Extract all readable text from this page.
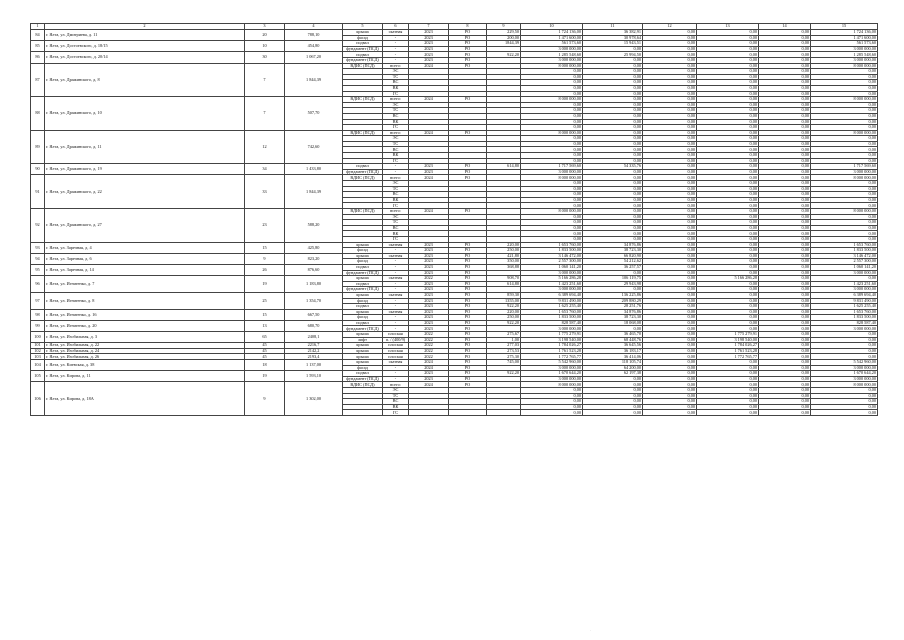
1	2	3	4	5	6	7	8	9	10	11	12	13	14	15
84	г. Ялта, ул. Дмитриева, д. 11	20	788,10	крыша	скатная	2023	РО	229,50	1 724 136,00	36 382,91	0,00	0,00	0,00	1 724 136,00
				фасад	-	2023	РО	200,00	1 471 600,00	30 978,64	0,00	0,00	0,00	1 471 600,00
85	г. Ялта, ул. Достоевского, д. 18/15	10	454,80	подвал	-	2023	РО	1844,39	561 573,60	15 943,51	0,00	0,00	0,00	561 573,60
				фундамент (ПСД)	-	2023	РО		3 000 000,00	0,00	0,00	0,00	0,00	3 000 000,00
86	г. Ялта, ул. Достоевского, д. 20/14	30	1 067,20	подвал	-	2023	РО	922,20	1 285 548,60	25 994,50	0,00	0,00	0,00	1 285 548,60
				фундамент (ПСД)	-	2023	РО		3 000 000,00	0,00	0,00	0,00	0,00	3 000 000,00
87	г. Ялта, ул. Дражинского, д. 8	7	1 844,39	ВДИС (ПСД)	всего:	2024	РО		8 000 000,00	0,00	0,00	0,00	0,00	8 000 000,00
					ЭС				0,00	0,00	0,00	0,00	0,00	0,00
					ТС				0,00	0,00	0,00	0,00	0,00	0,00
					ВС				0,00	0,00	0,00	0,00	0,00	0,00
					ВК				0,00	0,00	0,00	0,00	0,00	0,00
					ГС				0,00	0,00	0,00	0,00	0,00	0,00
88	г. Ялта, ул. Дражинского, д. 10	7	507,70	ВДИС (ПСД)	всего:	2024	РО		8 000 000,00	0,00	0,00	0,00	0,00	8 000 000,00
					ЭС				0,00	0,00	0,00	0,00	0,00	0,00
					ТС				0,00	0,00	0,00	0,00	0,00	0,00
					ВС				0,00	0,00	0,00	0,00	0,00	0,00
					ВК				0,00	0,00	0,00	0,00	0,00	0,00
					ГС				0,00	0,00	0,00	0,00	0,00	0,00
89	г. Ялта, ул. Дражинского, д. 11	12	742,60	ВДИС (ПСД)	всего:	2024	РО		8 000 000,00	0,00	0,00	0,00	0,00	8 000 000,00
					ЭС				0,00	0,00	0,00	0,00	0,00	0,00
					ТС				0,00	0,00	0,00	0,00	0,00	0,00
					ВС				0,00	0,00	0,00	0,00	0,00	0,00
					ВК				0,00	0,00	0,00	0,00	0,00	0,00
					ГС				0,00	0,00	0,00	0,00	0,00	0,00
90	г. Ялта, ул. Дражинского, д. 19	34	1 433,80	подвал	-	2023	РО	614,80	1 717 569,60	54 335,76	0,00	0,00	0,00	1 717 569,60
				фундамент (ПСД)	-	2023	РО		3 000 000,00	0,00	0,00	0,00	0,00	3 000 000,00
91	г. Ялта, ул. Дражинского, д. 22	33	1 844,39	ВДИС (ПСД)	всего:	2024	РО		8 000 000,00	0,00	0,00	0,00	0,00	8 000 000,00
					ЭС				0,00	0,00	0,00	0,00	0,00	0,00
					ТС				0,00	0,00	0,00	0,00	0,00	0,00
					ВС				0,00	0,00	0,00	0,00	0,00	0,00
					ВК				0,00	0,00	0,00	0,00	0,00	0,00
					ГС				0,00	0,00	0,00	0,00	0,00	0,00
92	г. Ялта, ул. Дражинского, д. 27	23	588,20	ВДИС (ПСД)	всего:	2024	РО		8 000 000,00	0,00	0,00	0,00	0,00	8 000 000,00
					ЭС				0,00	0,00	0,00	0,00	0,00	0,00
					ТС				0,00	0,00	0,00	0,00	0,00	0,00
					ВС				0,00	0,00	0,00	0,00	0,00	0,00
					ВК				0,00	0,00	0,00	0,00	0,00	0,00
					ГС				0,00	0,00	0,00	0,00	0,00	0,00
93	г. Ялта, ул. Заречная, д. 4	15	425,80	крыша	скатная	2023	РО	220,00	1 653 760,00	34 876,86	0,00	0,00	0,00	1 653 760,00
				фасад	-	2023	РО	250,00	1 833 500,00	38 723,30	0,00	0,00	0,00	1 833 500,00
94	г. Ялта, ул. Заречная, д. 6	9	823,20	крыша	скатная	2023	РО	421,80	3 146 472,00	66 820,90	0,00	0,00	0,00	3 146 472,00
				фасад	-	2023	РО	350,00	2 557 300,00	54 212,62	0,00	0,00	0,00	2 557 300,00
95	г. Ялта, ул. Заречная, д. 14	26	876,60	подвал	-	2023	РО	368,88	1 060 141,20	36 257,57	0,00	0,00	0,00	1 060 141,20
				фундамент (ПСД)	-	2023	РО		3 000 000,00	0,00	0,00	0,00	0,00	3 000 000,00
96	г. Ялта, ул. Игнатенко, д. 7	19	1 183,80	крыша	скатная	2022	РО	908,70	5 166 286,28	106 119,75	0,00	5 166 286,28	0,00	0,00
				подвал	-	2023	РО	614,80	1 423 251,60	29 943,98	0,00	0,00	0,00	1 423 251,60
				фундамент (ПСД)	-	2023	РО		3 000 000,00	0,00	0,00	0,00	0,00	3 000 000,00
97	г. Ялта, ул. Игнатенко, д. 8	25	1 354,70	крыша	скатная	2023	РО	859,30	6 389 694,40	136 225,86	0,00	0,00	0,00	6 389 694,40
				фасад	-	2023	РО	1355,00	9 831 490,00	209 880,29	0,00	0,00	0,00	9 831 490,00
				подвал	-	2023	РО	922,20	1 625 255,40	28 251,76	0,00	0,00	0,00	1 625 255,40
98	г. Ялта, ул. Игнатенко, д. 16	15	667,50	крыша	скатная	2023	РО	220,00	1 653 760,00	34 876,86	0,00	0,00	0,00	1 653 760,00
				фасад	-	2023	РО	250,00	1 833 500,00	38 723,30	0,00	0,00	0,00	1 833 500,00
99	г. Ялта, ул. Игнатенко, д. 20	13	680,70	подвал	-	2023	РО	922,20	828 587,40	18 068,08	0,00	0,00	0,00	828 587,40
				фундамент (ПСД)	-	2023	РО		3 000 000,00	0,00	0,00	0,00	0,00	3 000 000,00
100	г. Ялта, ул. Изобильная, д. 3	65	2408,1	крыша	плоская	2022	РО	275,67	1 775 279,91	36 465,70	0,00	1 775 279,91	0,00	0,00
				лифт	п. / (400/9)	2022	РО	1,00	3 198 540,00	68 448,76	0,00	3 198 540,00	0,00	0,00
101	г. Ялта, ул. Изобильная, д. 22	45	2216,7	крыша	плоская	2022	РО	277,03	1 784 026,27	36 645,56	0,00	1 784 026,27	0,00	0,00
102	г. Ялта, ул. Изобильная, д. 24	45	2142,2	крыша	плоская	2022	РО	273,53	1 761 523,28	36 183,17	0,00	1 761 523,28	0,00	0,00
103	г. Ялта, ул. Изобильная, д. 26	45	2193,4	крыша	плоская	2022	РО	275,30	1 772 765,77	36 414,06	0,00	1 772 765,77	0,00	0,00
104	г. Ялта, ул. Киевская, д. 38	18	1 137,00	крыша	скатная	2024	РО	745,00	5 542 960,00	118 105,74	0,00	0,00	0,00	5 542 960,00
				фасад	-	2024	РО		3 000 000,00	64 200,00	0,00	0,00	0,00	3 000 000,00
105	г. Ялта, ул. Кирова, д. 11	19	1 593,10	подвал	-	2023	РО	922,20	1 670 644,20	62 197,38	0,00	0,00	0,00	1 670 644,20
				фундамент (ПСД)	-	2023	РО		3 000 000,00	0,00	0,00	0,00	0,00	3 000 000,00
106	г. Ялта, ул. Кирова, д. 18А	9	1 302,00	ВДИС (ПСД)	всего:	2024	РО		8 000 000,00	0,00	0,00	0,00	0,00	8 000 000,00
					ЭС				0,00	0,00	0,00	0,00	0,00	0,00
					ТС				0,00	0,00	0,00	0,00	0,00	0,00
					ВС				0,00	0,00	0,00	0,00	0,00	0,00
					ВК				0,00	0,00	0,00	0,00	0,00	0,00
					ГС				0,00	0,00	0,00	0,00	0,00	0,00
·
